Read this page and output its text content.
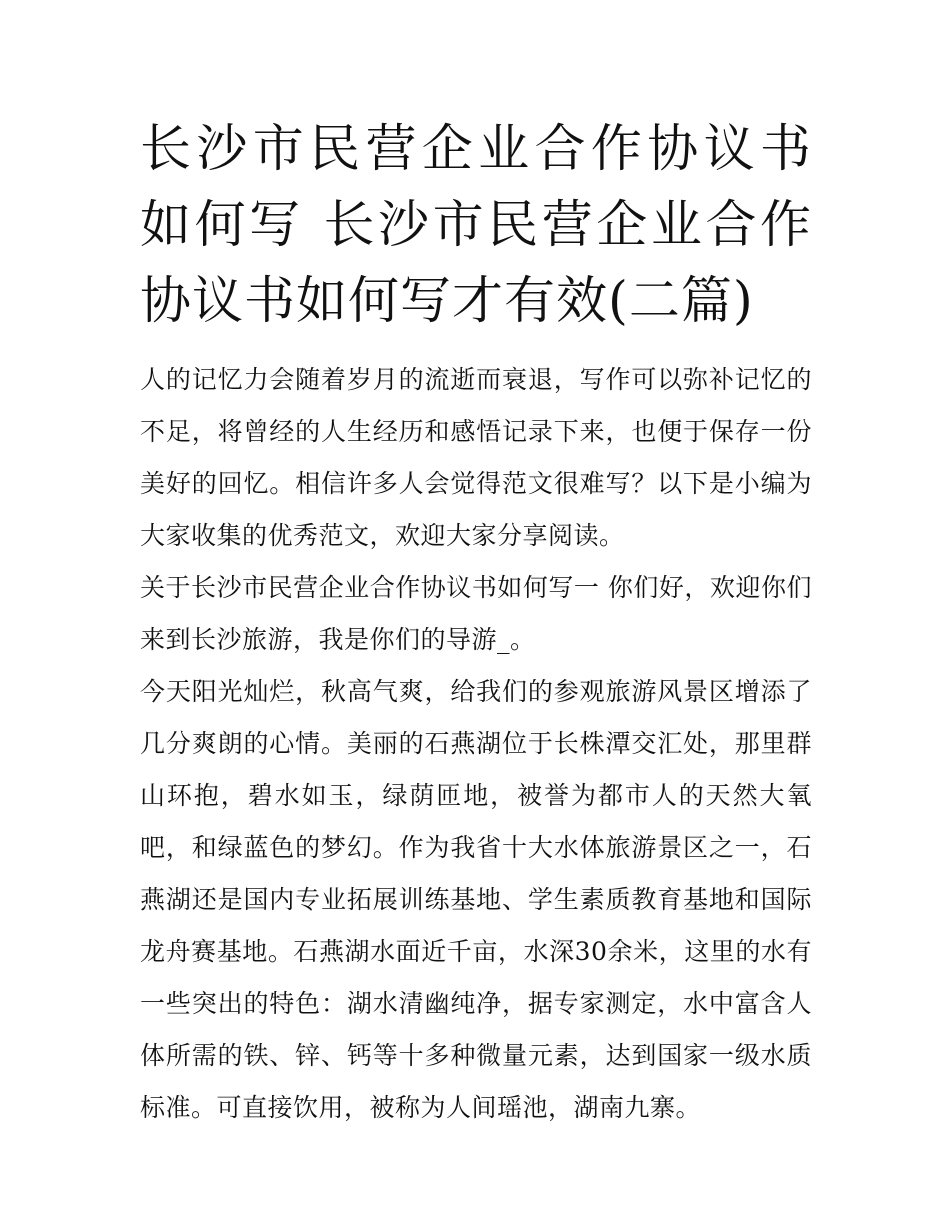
长沙市民营企业合作协议书如何写 长沙市民营企业合作协议书如何写才有效(二篇)

人的记忆力会随着岁月的流逝而衰退，写作可以弥补记忆的不足，将曾经的人生经历和感悟记录下来，也便于保存一份美好的回忆。相信许多人会觉得范文很难写？以下是小编为大家收集的优秀范文，欢迎大家分享阅读。

关于长沙市民营企业合作协议书如何写一 你们好，欢迎你们来到长沙旅游，我是你们的导游_。

今天阳光灿烂，秋高气爽，给我们的参观旅游风景区增添了几分爽朗的心情。美丽的石燕湖位于长株潭交汇处，那里群山环抱，碧水如玉，绿荫匝地，被誉为都市人的天然大氧吧，和绿蓝色的梦幻。作为我省十大水体旅游景区之一，石燕湖还是国内专业拓展训练基地、学生素质教育基地和国际龙舟赛基地。石燕湖水面近千亩，水深30余米，这里的水有一些突出的特色：湖水清幽纯净，据专家测定，水中富含人体所需的铁、锌、钙等十多种微量元素，达到国家一级水质标准。可直接饮用，被称为人间瑶池，湖南九寨。
